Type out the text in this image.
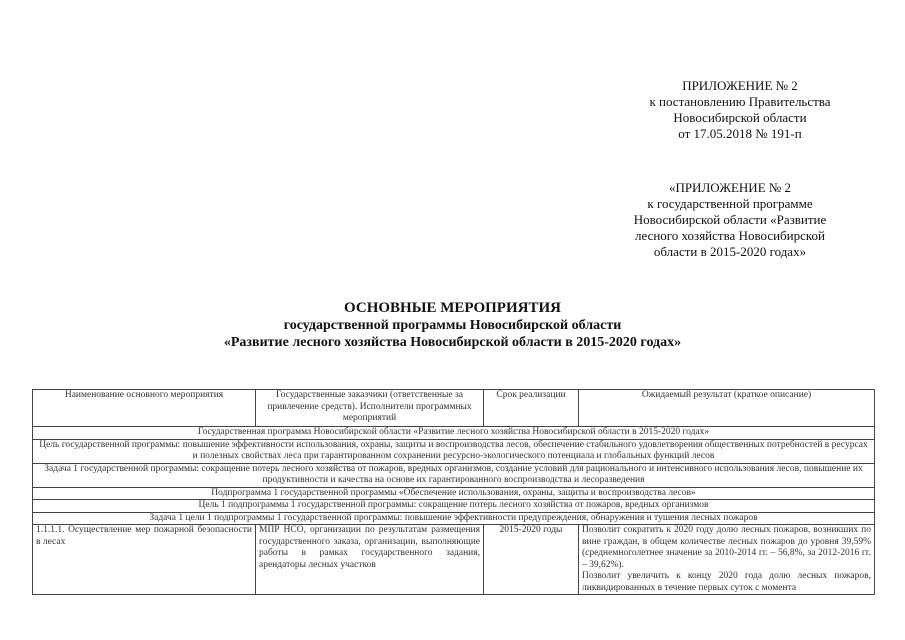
ПРИЛОЖЕНИЕ № 2
к постановлению Правительства
Новосибирской области
от 17.05.2018 № 191-п
«ПРИЛОЖЕНИЕ № 2
к государственной программе
Новосибирской области «Развитие
лесного хозяйства Новосибирской
области в 2015-2020 годах»
ОСНОВНЫЕ МЕРОПРИЯТИЯ
государственной программы Новосибирской области
«Развитие лесного хозяйства Новосибирской области в 2015-2020 годах»
Наименование основного мероприятия	Государственные заказчики (ответственные за привлечение средств). Исполнители программных мероприятий	Срок реализации	Ожидаемый результат (краткое описание)
Государственная программа Новосибирской области «Развитие лесного хозяйства Новосибирской области в 2015-2020 годах»			
Цель государственной программы: повышение эффективности использования, охраны, защиты и воспроизводства лесов, обеспечение стабильного удовлетворения общественных потребностей в ресурсах и полезных свойствах леса при гарантированном сохранении ресурсно-экологического потенциала и глобальных функций лесов			
Задача 1 государственной программы: сокращение потерь лесного хозяйства от пожаров, вредных организмов, создание условий для рационального и интенсивного использования лесов, повышение их продуктивности и качества на основе их гарантированного воспроизводства и лесоразведения			
Подпрограмма 1 государственной программы «Обеспечение использования, охраны, защиты и воспроизводства лесов»			
Цель 1 подпрограммы 1 государственной программы: сокращение потерь лесного хозяйства от пожаров, вредных организмов			
Задача 1 цели 1 подпрограммы 1 государственной программы: повышение эффективности предупреждения, обнаружения и тушения лесных пожаров			
1.1.1.1. Осуществление мер пожарной безопасности в лесах	МПР НСО, организации по результатам размещения государственного заказа, организации, выполняющие работы в рамках государственного задания, арендаторы лесных участков	2015-2020 годы	Позволит сократить к 2020 году долю лесных пожаров, возникших по вине граждан, в общем количестве лесных пожаров до уровня 39,59% (среднемноголетнее значение за 2010-2014 гг. – 56,8%, за 2012-2016 гг. – 39,62%).
Позволит увеличить к концу 2020 года долю лесных пожаров, ликвидированных в течение первых суток с момента
